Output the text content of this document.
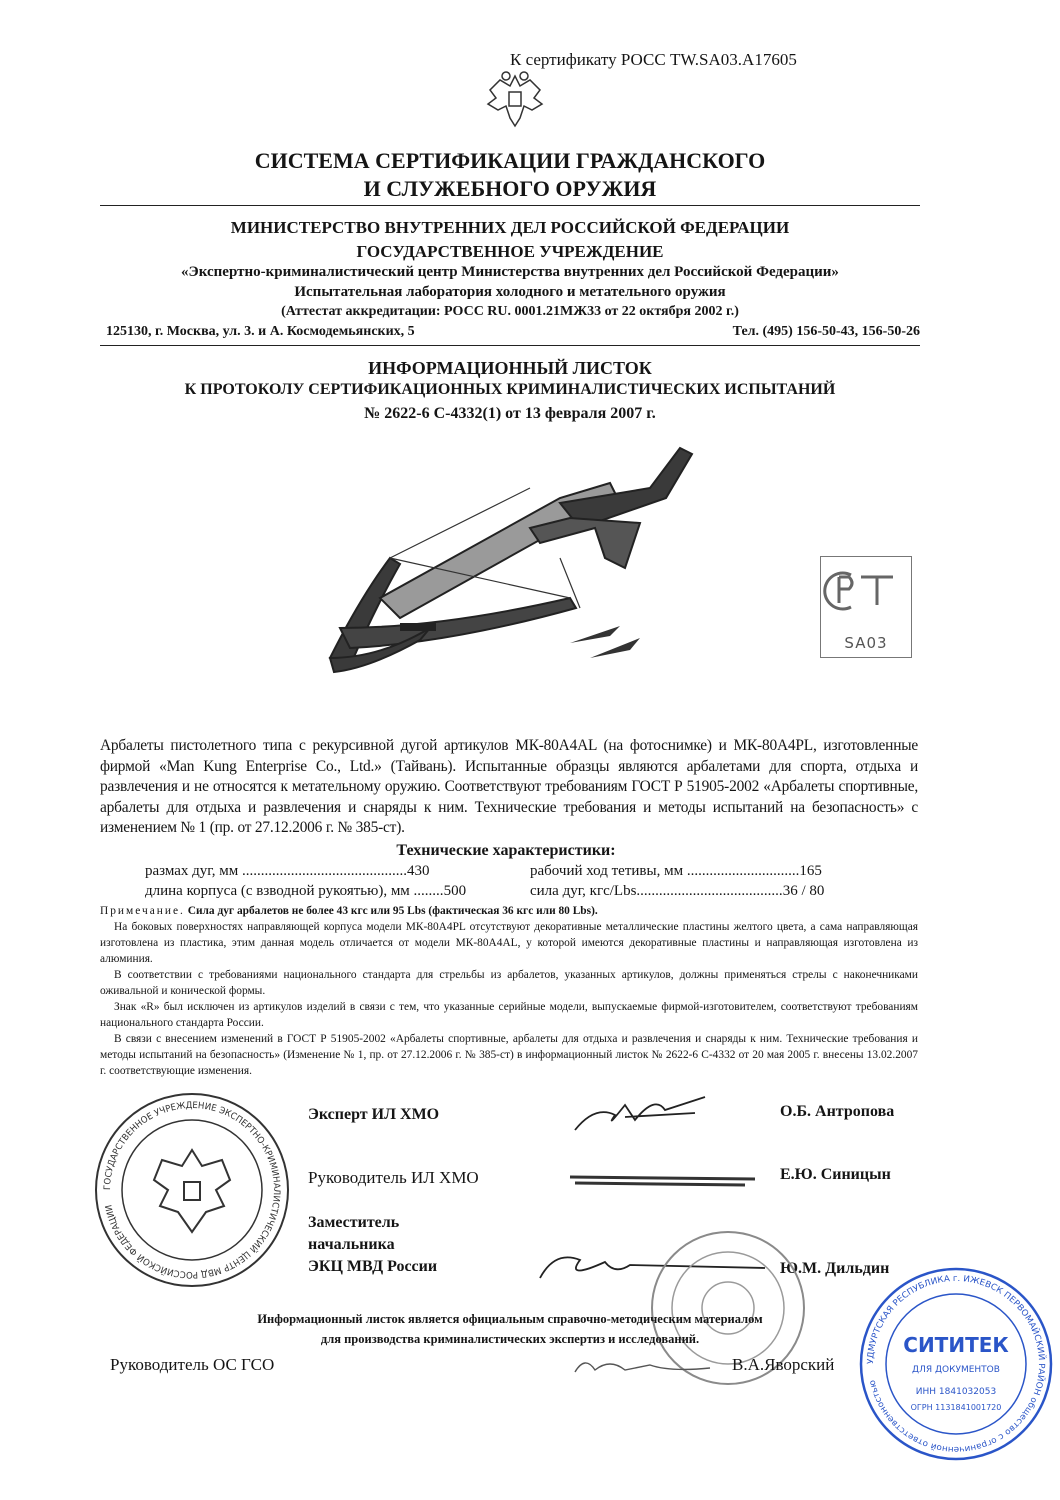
К сертификату РОСС TW.SA03.A17605
СИСТЕМА СЕРТИФИКАЦИИ ГРАЖДАНСКОГО
И СЛУЖЕБНОГО ОРУЖИЯ
МИНИСТЕРСТВО ВНУТРЕННИХ ДЕЛ РОССИЙСКОЙ ФЕДЕРАЦИИ
ГОСУДАРСТВЕННОЕ УЧРЕЖДЕНИЕ
«Экспертно-криминалистический центр Министерства внутренних дел Российской Федерации»
Испытательная лаборатория холодного и метательного оружия
(Аттестат аккредитации: РОСС RU. 0001.21МЖ33 от 22 октября 2002 г.)
125130, г. Москва, ул. 3. и А. Космодемьянских, 5	Тел. (495) 156-50-43, 156-50-26
ИНФОРМАЦИОННЫЙ ЛИСТОК
К ПРОТОКОЛУ СЕРТИФИКАЦИОННЫХ КРИМИНАЛИСТИЧЕСКИХ ИСПЫТАНИЙ
№ 2622-6 С-4332(1) от 13 февраля 2007 г.
SA03
Арбалеты пистолетного типа с рекурсивной дугой артикулов МК-80А4AL (на фотоснимке) и МК-80А4PL, изготовленные фирмой «Man Kung Enterprise Co., Ltd.» (Тайвань). Испытанные образцы являются арбалетами для спорта, отдыха и развлечения и не относятся к метательному оружию. Соответствуют требованиям ГОСТ Р 51905-2002 «Арбалеты спортивные, арбалеты для отдыха и развлечения и снаряды к ним. Технические требования и методы испытаний на безопасность» с изменением № 1 (пр. от 27.12.2006 г. № 385-ст).
Технические характеристики:
размах дуг, мм ............................................430	рабочий ход тетивы, мм ..............................165
длина корпуса (с взводной рукоятью), мм ........500	сила дуг, кгс/Lbs.......................................36 / 80
Примечание. Сила дуг арбалетов не более 43 кгс или 95 Lbs (фактическая 36 кгс или 80 Lbs).

На боковых поверхностях направляющей корпуса модели МК-80А4PL отсутствуют декоративные металлические пластины желтого цвета, а сама направляющая изготовлена из пластика, этим данная модель отличается от модели МК-80А4AL, у которой имеются декоративные пластины и направляющая изготовлена из алюминия.

В соответствии с требованиями национального стандарта для стрельбы из арбалетов, указанных артикулов, должны применяться стрелы с наконечниками оживальной и конической формы.

Знак «R» был исключен из артикулов изделий в связи с тем, что указанные серийные модели, выпускаемые фирмой-изготовителем, соответствуют требованиям национального стандарта России.

В связи с внесением изменений в ГОСТ Р 51905-2002 «Арбалеты спортивные, арбалеты для отдыха и развлечения и снаряды к ним. Технические требования и методы испытаний на безопасность» (Изменение № 1, пр. от 27.12.2006 г. № 385-ст) в информационный листок № 2622-6 С-4332 от 20 мая 2005 г. внесены 13.02.2007 г. соответствующие изменения.

ГОСУДАРСТВЕННОЕ УЧРЕЖДЕНИЕ ЭКСПЕРТНО-КРИМИНАЛИСТИЧЕСКИЙ ЦЕНТР МВД РОССИЙСКОЙ ФЕДЕРАЦИИ
Эксперт ИЛ ХМО	О.Б. Антропова
Руководитель ИЛ ХМО	Е.Ю. Синицын
Заместитель
начальника
ЭКЦ МВД России	Ю.М. Дильдин
Информационный листок является официальным справочно-методическим материалом
для производства криминалистических экспертиз и исследований.
Руководитель ОС ГСО	В.А.Яворский	УДМУРТСКАЯ РЕСПУБЛИКА г. ИЖЕВСК ПЕРВОМАЙСКИЙ РАЙОН общество с ограниченной ответственностью
СИТИТЕК
ДЛЯ ДОКУМЕНТОВ
ИНН 1841032053
ОГРН 1131841001720
